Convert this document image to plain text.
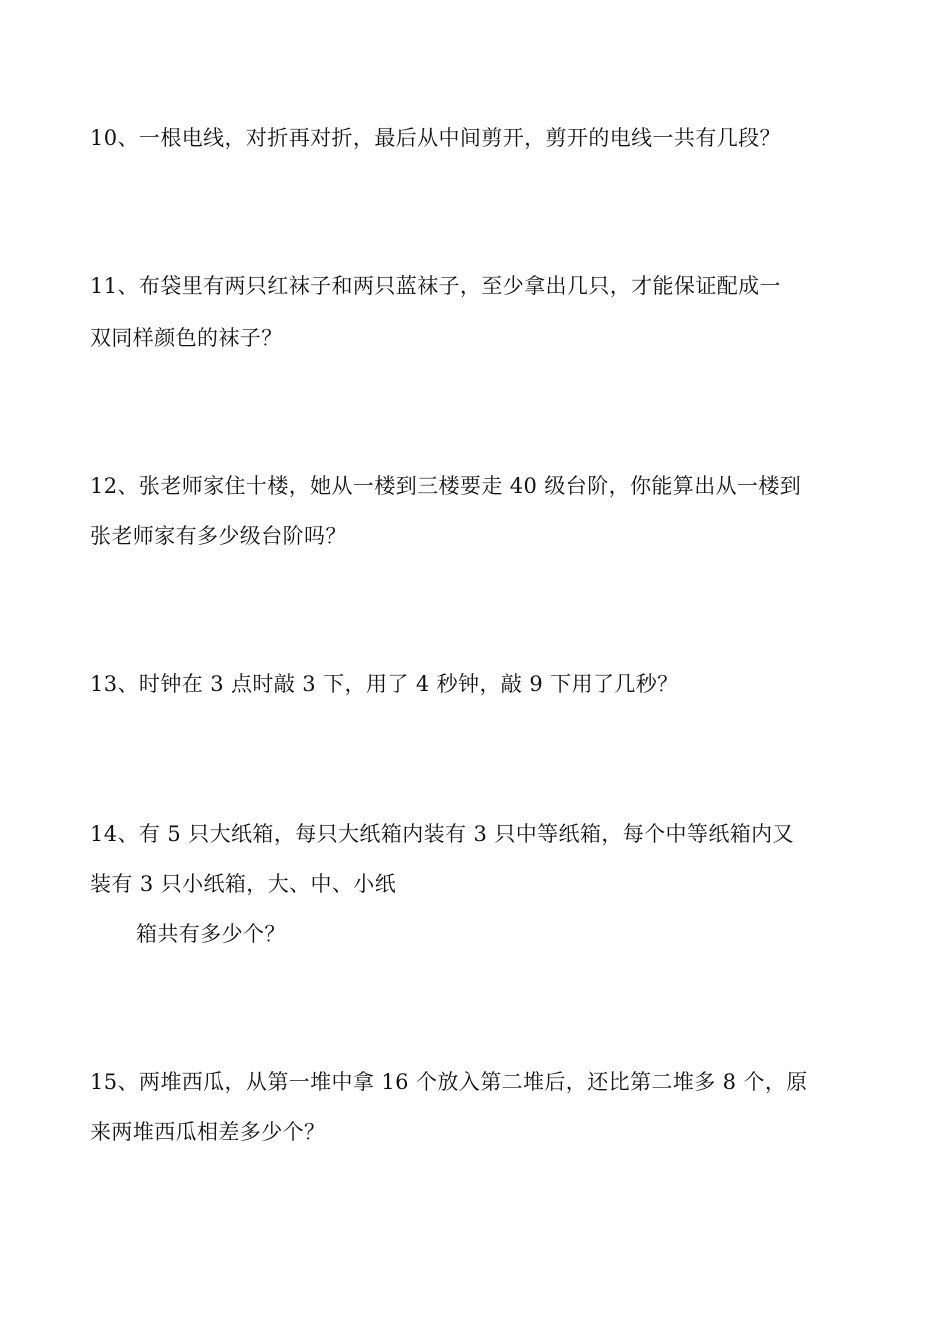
10、一根电线，对折再对折，最后从中间剪开，剪开的电线一共有几段？
11、布袋里有两只红袜子和两只蓝袜子，至少拿出几只，才能保证配成一
双同样颜色的袜子？
12、张老师家住十楼，她从一楼到三楼要走 40 级台阶，你能算出从一楼到
张老师家有多少级台阶吗？
13、时钟在 3 点时敲 3 下，用了 4 秒钟，敲 9 下用了几秒？
14、有 5 只大纸箱，每只大纸箱内装有 3 只中等纸箱，每个中等纸箱内又
装有 3 只小纸箱，大、中、小纸
箱共有多少个？
15、两堆西瓜，从第一堆中拿 16 个放入第二堆后，还比第二堆多 8 个，原
来两堆西瓜相差多少个？
